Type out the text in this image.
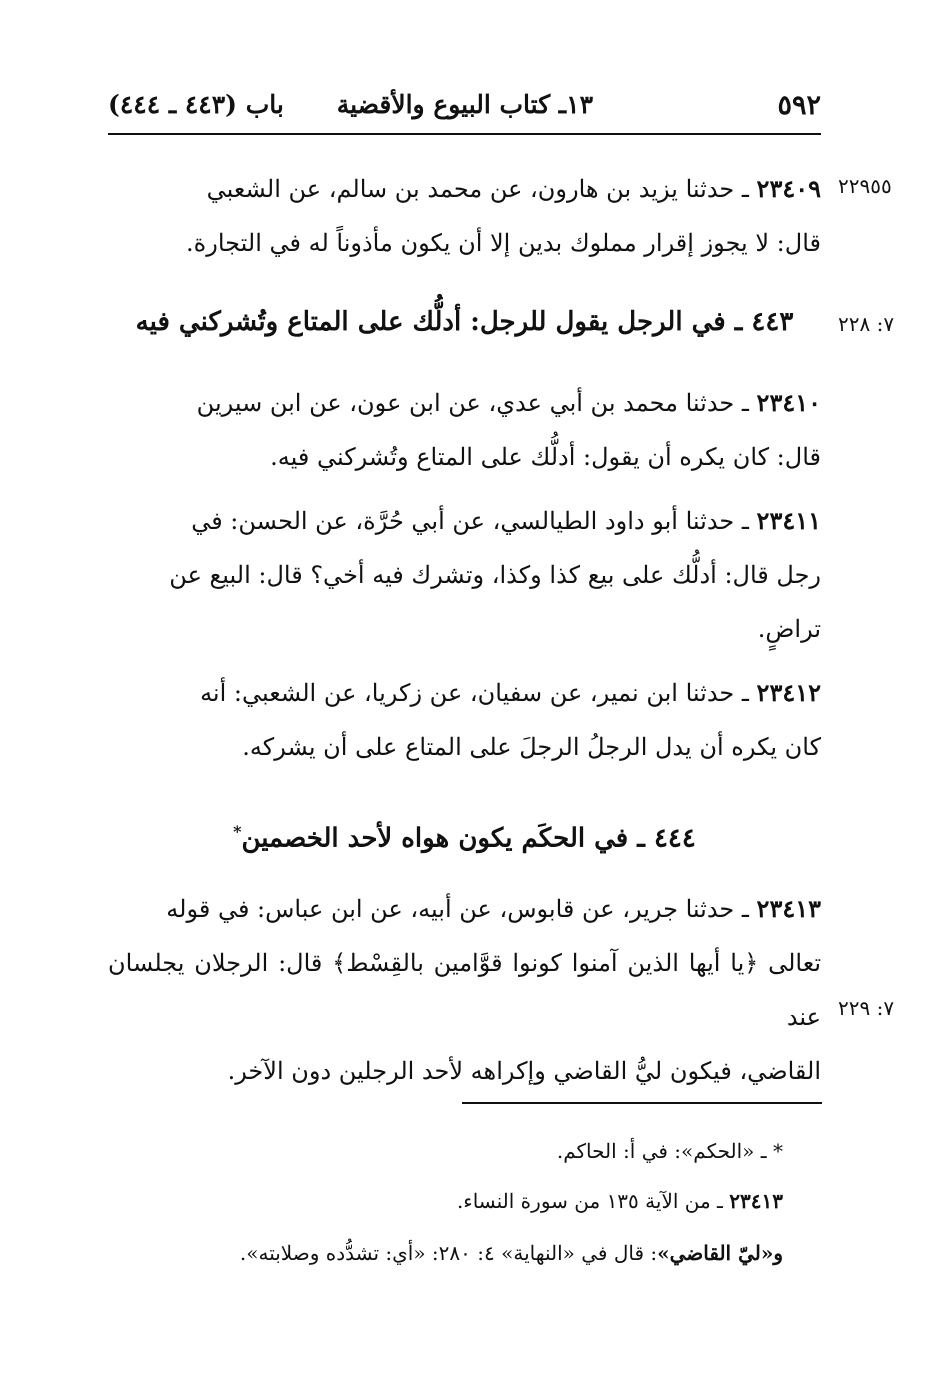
٥٩٢
١٣ـ كتاب البيوع والأقضية
باب (٤٤٣ ـ ٤٤٤)
٢٢٩٥٥
٧: ٢٢٨
٧: ٢٢٩
٢٣٤٠٩ ـ حدثنا يزيد بن هارون، عن محمد بن سالم، عن الشعبي
قال: لا يجوز إقرار مملوك بدين إلا أن يكون مأذوناً له في التجارة.
٤٤٣ ـ في الرجل يقول للرجل: أدلُّك على المتاع وتُشركني فيه
٢٣٤١٠ ـ حدثنا محمد بن أبي عدي، عن ابن عون، عن ابن سيرين
قال: كان يكره أن يقول: أدلُّك على المتاع وتُشركني فيه.
٢٣٤١١ ـ حدثنا أبو داود الطيالسي، عن أبي حُرَّة، عن الحسن: في
رجل قال: أدلُّك على بيع كذا وكذا، وتشرك فيه أخي؟ قال: البيع عن
تراضٍ.
٢٣٤١٢ ـ حدثنا ابن نمير، عن سفيان، عن زكريا، عن الشعبي: أنه
كان يكره أن يدل الرجلُ الرجلَ على المتاع على أن يشركه.
٤٤٤ ـ في الحكَم يكون هواه لأحد الخصمين*
٢٣٤١٣ ـ حدثنا جرير، عن قابوس، عن أبيه، عن ابن عباس: في قوله
تعالى ﴿يا أيها الذين آمنوا كونوا قوَّامين بالقِسْط﴾ قال: الرجلان يجلسان عند
القاضي، فيكون ليُّ القاضي وإكراهه لأحد الرجلين دون الآخر.
* ـ «الحكم»: في أ: الحاكم.
٢٣٤١٣ ـ من الآية ١٣٥ من سورة النساء.
و«ليّ القاضي»: قال في «النهاية» ٤: ٢٨٠: «أي: تشدُّده وصلابته».
